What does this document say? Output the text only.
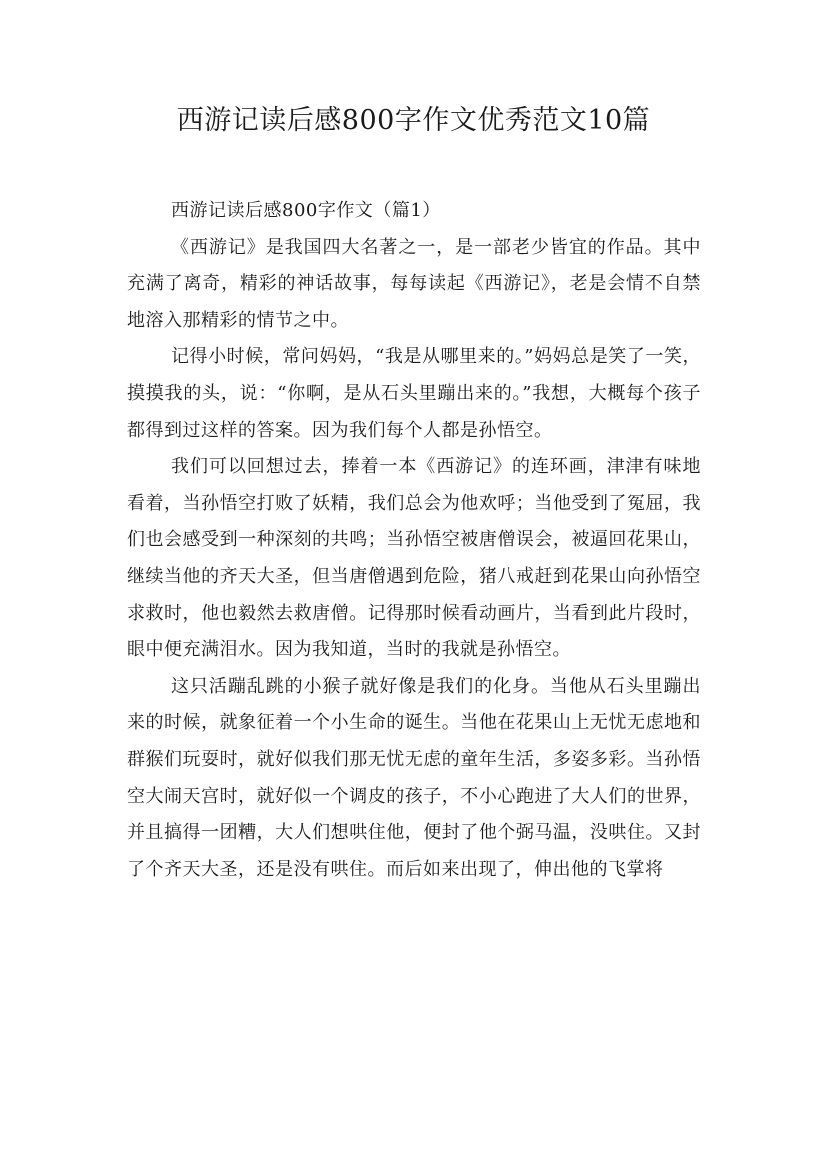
西游记读后感800字作文优秀范文10篇

西游记读后感800字作文（篇1）

《西游记》是我国四大名著之一，是一部老少皆宜的作品。其中充满了离奇，精彩的神话故事，每每读起《西游记》，老是会情不自禁地溶入那精彩的情节之中。

记得小时候，常问妈妈，“我是从哪里来的。”妈妈总是笑了一笑，摸摸我的头，说：“你啊，是从石头里蹦出来的。”我想，大概每个孩子都得到过这样的答案。因为我们每个人都是孙悟空。

我们可以回想过去，捧着一本《西游记》的连环画，津津有味地看着，当孙悟空打败了妖精，我们总会为他欢呼；当他受到了冤屈，我们也会感受到一种深刻的共鸣；当孙悟空被唐僧误会，被逼回花果山，继续当他的齐天大圣，但当唐僧遇到危险，猪八戒赶到花果山向孙悟空求救时，他也毅然去救唐僧。记得那时候看动画片，当看到此片段时，眼中便充满泪水。因为我知道，当时的我就是孙悟空。

这只活蹦乱跳的小猴子就好像是我们的化身。当他从石头里蹦出来的时候，就象征着一个小生命的诞生。当他在花果山上无忧无虑地和群猴们玩耍时，就好似我们那无忧无虑的童年生活，多姿多彩。当孙悟空大闹天宫时，就好似一个调皮的孩子，不小心跑进了大人们的世界，并且搞得一团糟，大人们想哄住他，便封了他个弼马温，没哄住。又封了个齐天大圣，还是没有哄住。而后如来出现了，伸出他的飞掌将
